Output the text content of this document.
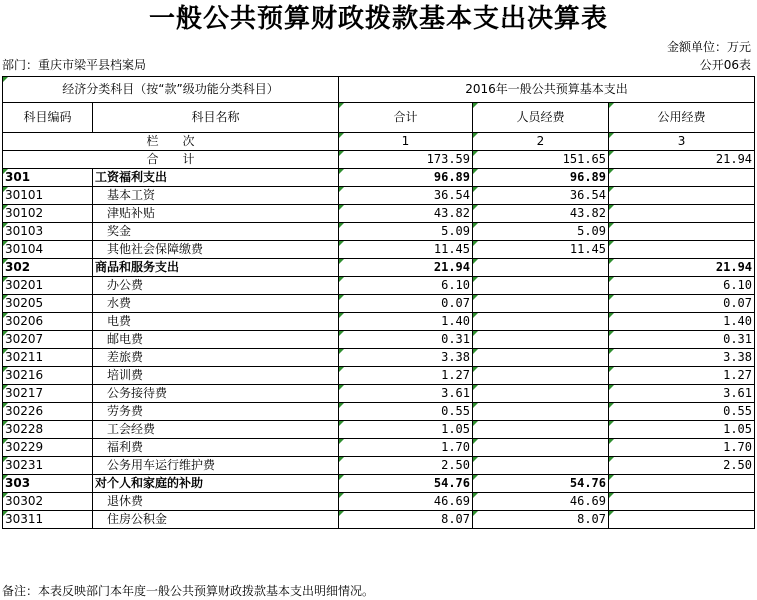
一般公共预算财政拨款基本支出决算表
金额单位：万元
部门：重庆市梁平县档案局	公开06表
经济分类科目（按“款”级功能分类科目）		2016年一般公共预算基本支出		
科目编码	科目名称	合计	人员经费	公用经费
栏　　次		1	2	3
合　　计		173.59	151.65	21.94
301	工资福利支出	96.89	96.89	
30101	基本工资	36.54	36.54	
30102	津贴补贴	43.82	43.82	
30103	奖金	5.09	5.09	
30104	其他社会保障缴费	11.45	11.45	
302	商品和服务支出	21.94		21.94
30201	办公费	6.10		6.10
30205	水费	0.07		0.07
30206	电费	1.40		1.40
30207	邮电费	0.31		0.31
30211	差旅费	3.38		3.38
30216	培训费	1.27		1.27
30217	公务接待费	3.61		3.61
30226	劳务费	0.55		0.55
30228	工会经费	1.05		1.05
30229	福利费	1.70		1.70
30231	公务用车运行维护费	2.50		2.50
303	对个人和家庭的补助	54.76	54.76	
30302	退休费	46.69	46.69	
30311	住房公积金	8.07	8.07	
备注：本表反映部门本年度一般公共预算财政拨款基本支出明细情况。
